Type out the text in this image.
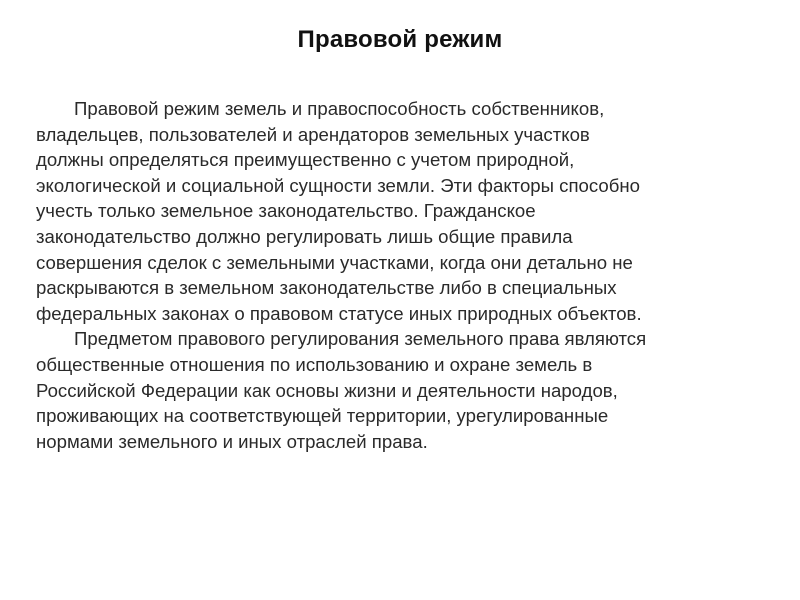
Правовой режим
Правовой режим земель и правоспособность собственников,
владельцев, пользователей и арендаторов земельных участков
должны определяться преимущественно с учетом природной,
экологической и социальной сущности земли. Эти факторы способно
учесть только земельное законодательство. Гражданское
законодательство должно регулировать лишь общие правила
совершения сделок с земельными участками, когда они детально не
раскрываются в земельном законодательстве либо в специальных
федеральных законах о правовом статусе иных природных объектов.
Предметом правового регулирования земельного права являются
общественные отношения по использованию и охране земель в
Российской Федерации как основы жизни и деятельности народов,
проживающих на соответствующей территории, урегулированные
нормами земельного и иных отраслей права.
